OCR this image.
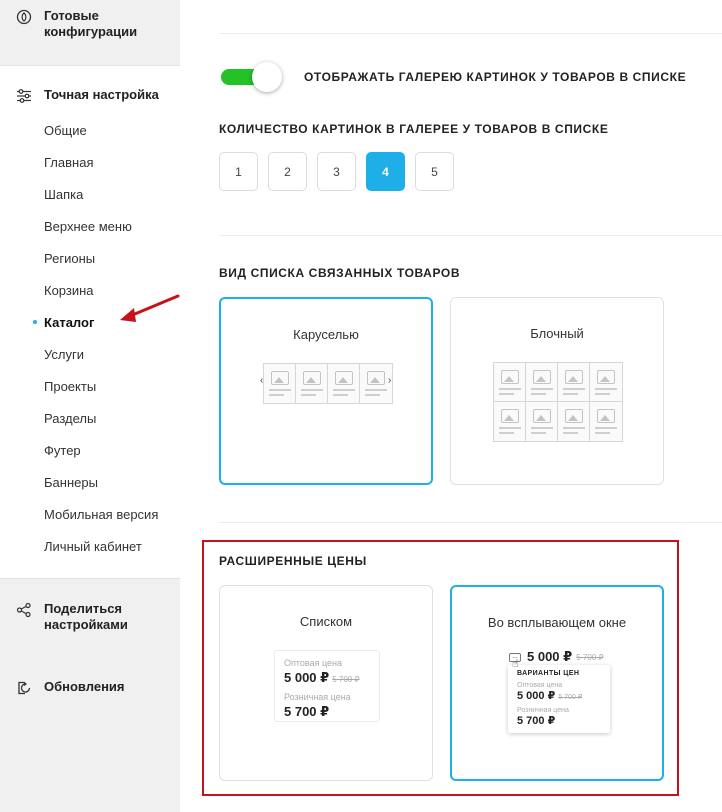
Готовые конфигурации
Точная настройка
Общие
Главная
Шапка
Верхнее меню
Регионы
Корзина
Каталог
Услуги
Проекты
Разделы
Футер
Баннеры
Мобильная версия
Личный кабинет
Поделиться настройками
Обновления
ОТОБРАЖАТЬ ГАЛЕРЕЮ КАРТИНОК У ТОВАРОВ В СПИСКЕ
КОЛИЧЕСТВО КАРТИНОК В ГАЛЕРЕЕ У ТОВАРОВ В СПИСКЕ
1	2	3	4	5
ВИД СПИСКА СВЯЗАННЫХ ТОВАРОВ
Каруселью
‹	›
Блочный
РАСШИРЕННЫЕ ЦЕНЫ
Списком
Оптовая цена
5 000 ₽ 5 700 ₽
Розничная цена
5 700 ₽
Во всплывающем окне
... 5 000 ₽ 5 700 ₽
ВАРИАНТЫ ЦЕН
Оптовая цена
5 000 ₽ 5 700 ₽
Розничная цена
5 700 ₽
☝
